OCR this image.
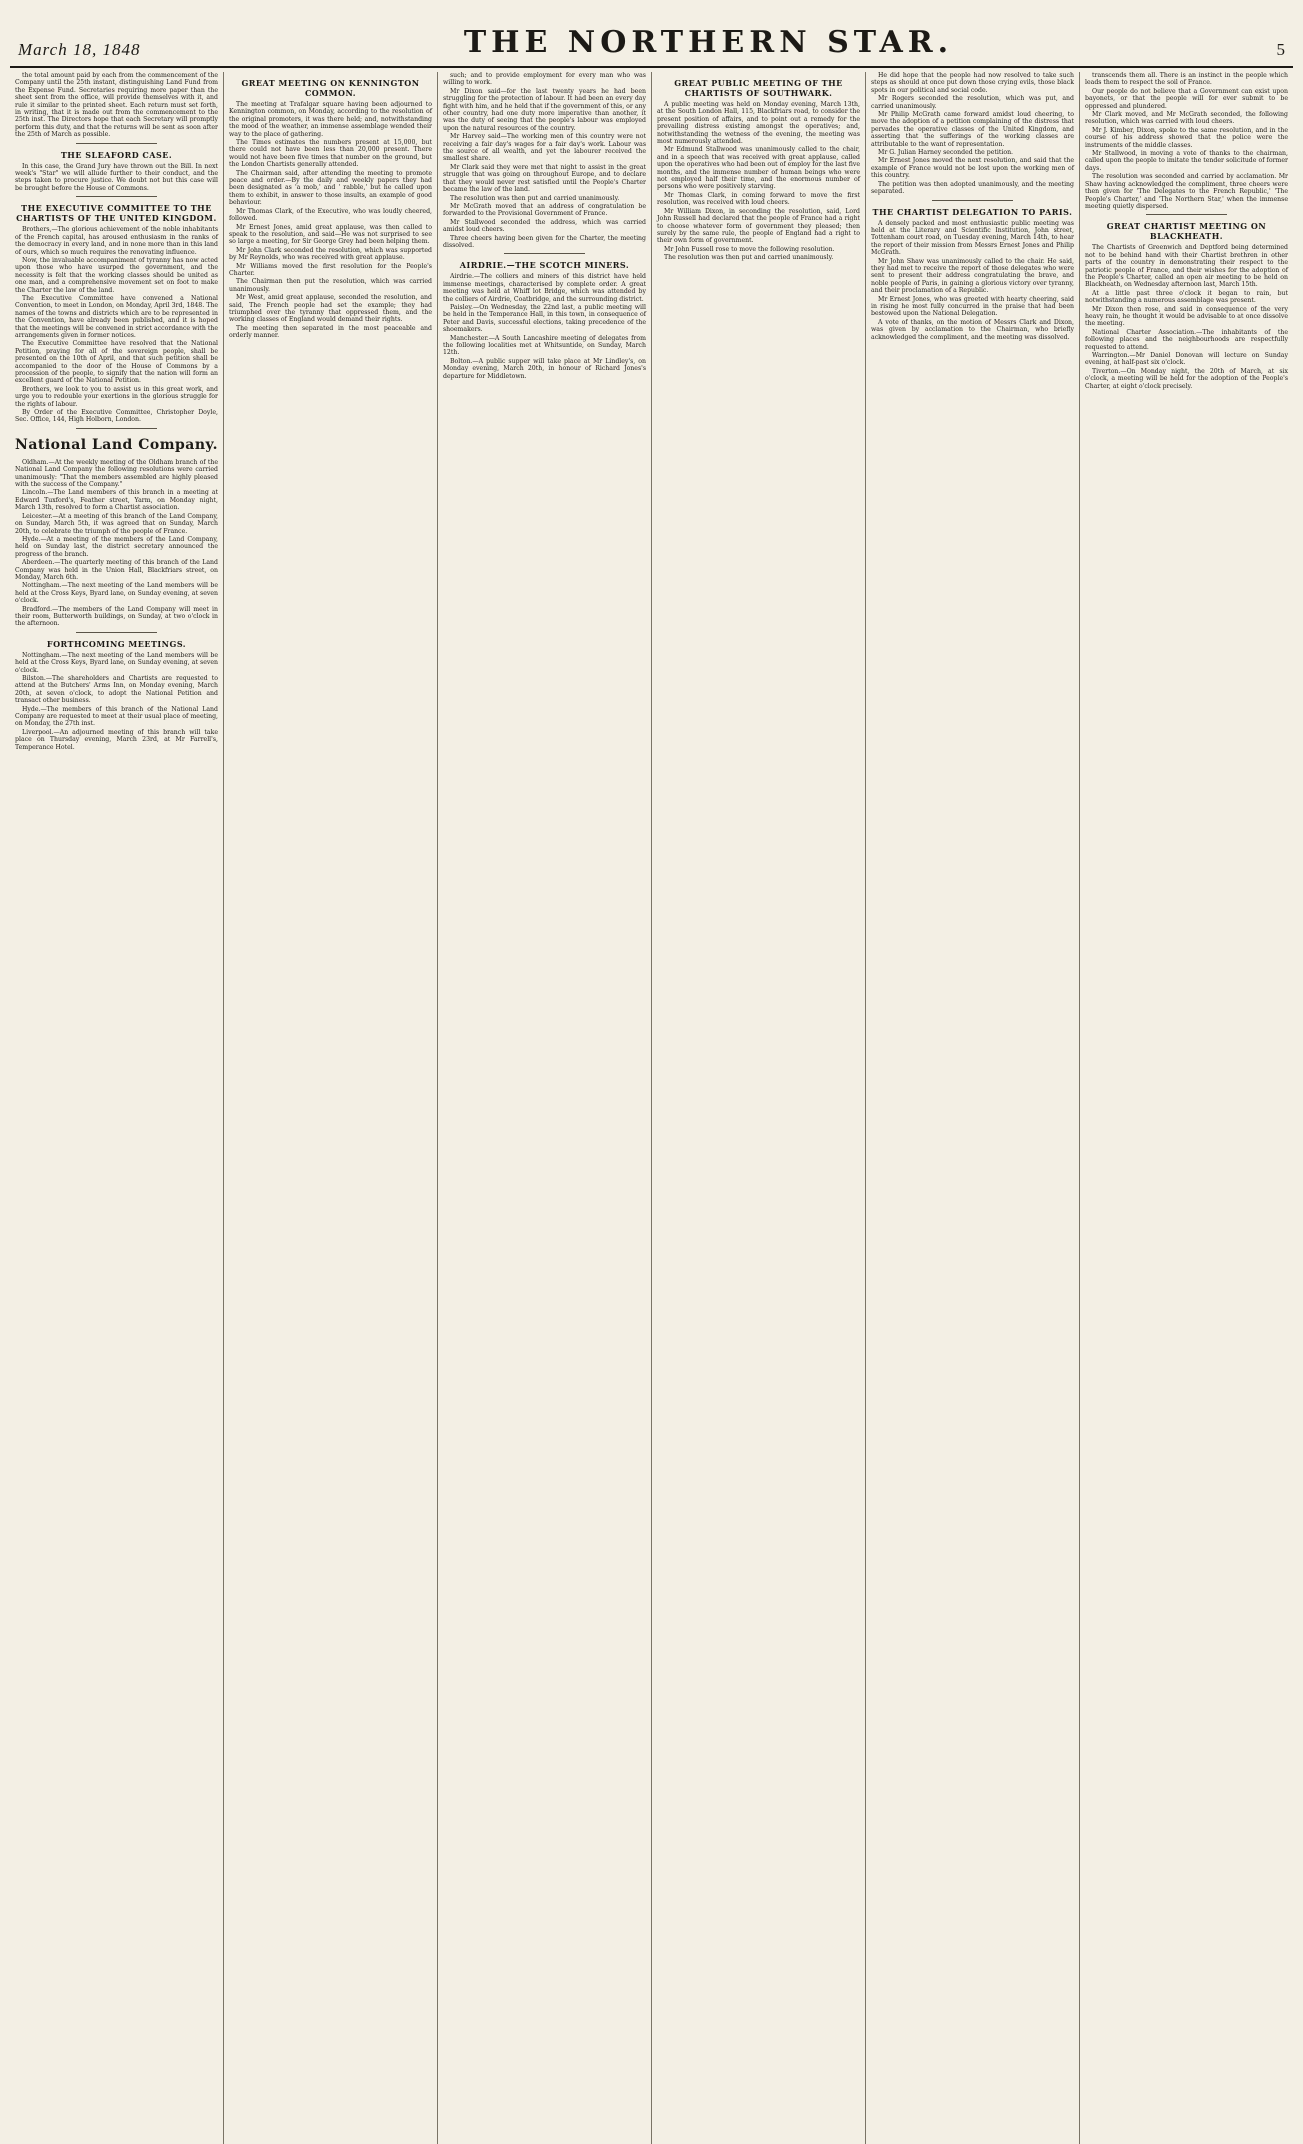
March 18, 1848	THE NORTHERN STAR.	5

the total amount paid by each from the commencement of the Company until the 25th instant, distinguishing Land Fund from the Expense Fund. Secretaries requiring more paper than the sheet sent from the office, will provide themselves with it, and rule it similar to the printed sheet. Each return must set forth, in writing, that it is made out from the commencement to the 25th inst. The Directors hope that each Secretary will promptly perform this duty, and that the returns will be sent as soon after the 25th of March as possible.

THE SLEAFORD CASE.

In this case, the Grand Jury have thrown out the Bill. In next week's "Star" we will allude further to their conduct, and the steps taken to procure justice. We doubt not but this case will be brought before the House of Commons.

THE EXECUTIVE COMMITTEE TO THE CHARTISTS OF THE UNITED KINGDOM.

Brothers,—The glorious achievement of the noble inhabitants of the French capital, has aroused enthusiasm in the ranks of the democracy in every land, and in none more than in this land of ours, which so much requires the renovating influence.

Now, the invaluable accompaniment of tyranny has now acted upon those who have usurped the government, and the necessity is felt that the working classes should be united as one man, and a comprehensive movement set on foot to make the Charter the law of the land.

The Executive Committee have convened a National Convention, to meet in London, on Monday, April 3rd, 1848. The names of the towns and districts which are to be represented in the Convention, have already been published, and it is hoped that the meetings will be convened in strict accordance with the arrangements given in former notices.

The Executive Committee have resolved that the National Petition, praying for all of the sovereign people, shall be presented on the 10th of April, and that such petition shall be accompanied to the door of the House of Commons by a procession of the people, to signify that the nation will form an excellent guard of the National Petition.

Brothers, we look to you to assist us in this great work, and urge you to redouble your exertions in the glorious struggle for the rights of labour.

By Order of the Executive Committee, Christopher Doyle, Sec. Office, 144, High Holborn, London.

National Land Company.

Oldham.—At the weekly meeting of the Oldham branch of the National Land Company the following resolutions were carried unanimously: "That the members assembled are highly pleased with the success of the Company."

Lincoln.—The Land members of this branch in a meeting at Edward Tuxford's, Feather street, Yarm, on Monday night, March 13th, resolved to form a Chartist association.

Leicester.—At a meeting of this branch of the Land Company, on Sunday, March 5th, it was agreed that on Sunday, March 20th, to celebrate the triumph of the people of France.

Hyde.—At a meeting of the members of the Land Company, held on Sunday last, the district secretary announced the progress of the branch.

Aberdeen.—The quarterly meeting of this branch of the Land Company was held in the Union Hall, Blackfriars street, on Monday, March 6th.

Nottingham.—The next meeting of the Land members will be held at the Cross Keys, Byard lane, on Sunday evening, at seven o'clock.

Bradford.—The members of the Land Company will meet in their room, Butterworth buildings, on Sunday, at two o'clock in the afternoon.

FORTHCOMING MEETINGS.

Nottingham.—The next meeting of the Land members will be held at the Cross Keys, Byard lane, on Sunday evening, at seven o'clock.

Bilston.—The shareholders and Chartists are requested to attend at the Butchers' Arms Inn, on Monday evening, March 20th, at seven o'clock, to adopt the National Petition and transact other business.

Hyde.—The members of this branch of the National Land Company are requested to meet at their usual place of meeting, on Monday, the 27th inst.

Liverpool.—An adjourned meeting of this branch will take place on Thursday evening, March 23rd, at Mr Farrell's, Temperance Hotel.

GREAT MEETING ON KENNINGTON COMMON.

The meeting at Trafalgar square having been adjourned to Kennington common, on Monday, according to the resolution of the original promoters, it was there held; and, notwithstanding the mood of the weather, an immense assemblage wended their way to the place of gathering.

The Times estimates the numbers present at 15,000, but there could not have been less than 20,000 present. There would not have been five times that number on the ground, but the London Chartists generally attended.

The Chairman said, after attending the meeting to promote peace and order.—By the daily and weekly papers they had been designated as 'a mob,' and ' rabble,' but he called upon them to exhibit, in answer to those insults, an example of good behaviour.

Mr Thomas Clark, of the Executive, who was loudly cheered, followed.

Mr Ernest Jones, amid great applause, was then called to speak to the resolution, and said—He was not surprised to see so large a meeting, for Sir George Grey had been helping them.

Mr John Clark seconded the resolution, which was supported by Mr Reynolds, who was received with great applause.

Mr Williams moved the first resolution for the People's Charter.

The Chairman then put the resolution, which was carried unanimously.

Mr West, amid great applause, seconded the resolution, and said, The French people had set the example; they had triumphed over the tyranny that oppressed them, and the working classes of England would demand their rights.

The meeting then separated in the most peaceable and orderly manner.

such; and to provide employment for every man who was willing to work.

Mr Dixon said—for the last twenty years he had been struggling for the protection of labour. It had been an every day fight with him, and he held that if the government of this, or any other country, had one duty more imperative than another, it was the duty of seeing that the people's labour was employed upon the natural resources of the country.

Mr Harvey said—The working men of this country were not receiving a fair day's wages for a fair day's work. Labour was the source of all wealth, and yet the labourer received the smallest share.

Mr Clark said they were met that night to assist in the great struggle that was going on throughout Europe, and to declare that they would never rest satisfied until the People's Charter became the law of the land.

The resolution was then put and carried unanimously.

Mr McGrath moved that an address of congratulation be forwarded to the Provisional Government of France.

Mr Stallwood seconded the address, which was carried amidst loud cheers.

Three cheers having been given for the Charter, the meeting dissolved.

AIRDRIE.—THE SCOTCH MINERS.

Airdrie.—The colliers and miners of this district have held immense meetings, characterised by complete order. A great meeting was held at Whiff lot Bridge, which was attended by the colliers of Airdrie, Coatbridge, and the surrounding district.

Paisley.—On Wednesday, the 22nd last, a public meeting will be held in the Temperance Hall, in this town, in consequence of Peter and Davis, successful elections, taking precedence of the shoemakers.

Manchester.—A South Lancashire meeting of delegates from the following localities met at Whitsuntide, on Sunday, March 12th.

Bolton.—A public supper will take place at Mr Lindley's, on Monday evening, March 20th, in honour of Richard Jones's departure for Middletown.

GREAT PUBLIC MEETING OF THE CHARTISTS OF SOUTHWARK.

A public meeting was held on Monday evening, March 13th, at the South London Hall, 115, Blackfriars road, to consider the present position of affairs, and to point out a remedy for the prevailing distress existing amongst the operatives; and, notwithstanding the wetness of the evening, the meeting was most numerously attended.

Mr Edmund Stallwood was unanimously called to the chair, and in a speech that was received with great applause, called upon the operatives who had been out of employ for the last five months, and the immense number of human beings who were not employed half their time, and the enormous number of persons who were positively starving.

Mr Thomas Clark, in coming forward to move the first resolution, was received with loud cheers.

Mr William Dixon, in seconding the resolution, said, Lord John Russell had declared that the people of France had a right to choose whatever form of government they pleased; then surely by the same rule, the people of England had a right to their own form of government.

Mr John Fussell rose to move the following resolution.

The resolution was then put and carried unanimously.

He did hope that the people had now resolved to take such steps as should at once put down those crying evils, those black spots in our political and social code.

Mr Rogers seconded the resolution, which was put, and carried unanimously.

Mr Philip McGrath came forward amidst loud cheering, to move the adoption of a petition complaining of the distress that pervades the operative classes of the United Kingdom, and asserting that the sufferings of the working classes are attributable to the want of representation.

Mr G. Julian Harney seconded the petition.

Mr Ernest Jones moved the next resolution, and said that the example of France would not be lost upon the working men of this country.

The petition was then adopted unanimously, and the meeting separated.

THE CHARTIST DELEGATION TO PARIS.

A densely packed and most enthusiastic public meeting was held at the Literary and Scientific Institution, John street, Tottenham court road, on Tuesday evening, March 14th, to hear the report of their mission from Messrs Ernest Jones and Philip McGrath.

Mr John Shaw was unanimously called to the chair. He said, they had met to receive the report of those delegates who were sent to present their address congratulating the brave, and noble people of Paris, in gaining a glorious victory over tyranny, and their proclamation of a Republic.

Mr Ernest Jones, who was greeted with hearty cheering, said in rising he most fully concurred in the praise that had been bestowed upon the National Delegation.

A vote of thanks, on the motion of Messrs Clark and Dixon, was given by acclamation to the Chairman, who briefly acknowledged the compliment, and the meeting was dissolved.

transcends them all. There is an instinct in the people which leads them to respect the soil of France.

Our people do not believe that a Government can exist upon bayonets, or that the people will for ever submit to be oppressed and plundered.

Mr Clark moved, and Mr McGrath seconded, the following resolution, which was carried with loud cheers.

Mr J. Kimber, Dixon, spoke to the same resolution, and in the course of his address showed that the police were the instruments of the middle classes.

Mr Stallwood, in moving a vote of thanks to the chairman, called upon the people to imitate the tender solicitude of former days.

The resolution was seconded and carried by acclamation. Mr Shaw having acknowledged the compliment, three cheers were then given for 'The Delegates to the French Republic,' 'The People's Charter,' and 'The Northern Star,' when the immense meeting quietly dispersed.

GREAT CHARTIST MEETING ON BLACKHEATH.

The Chartists of Greenwich and Deptford being determined not to be behind hand with their Chartist brethren in other parts of the country in demonstrating their respect to the patriotic people of France, and their wishes for the adoption of the People's Charter, called an open air meeting to be held on Blackheath, on Wednesday afternoon last, March 15th.

At a little past three o'clock it began to rain, but notwithstanding a numerous assemblage was present.

Mr Dixon then rose, and said in consequence of the very heavy rain, he thought it would be advisable to at once dissolve the meeting.

National Charter Association.—The inhabitants of the following places and the neighbourhoods are respectfully requested to attend.

Warrington.—Mr Daniel Donovan will lecture on Sunday evening, at half-past six o'clock.

Tiverton.—On Monday night, the 20th of March, at six o'clock, a meeting will be held for the adoption of the People's Charter, at eight o'clock precisely.
